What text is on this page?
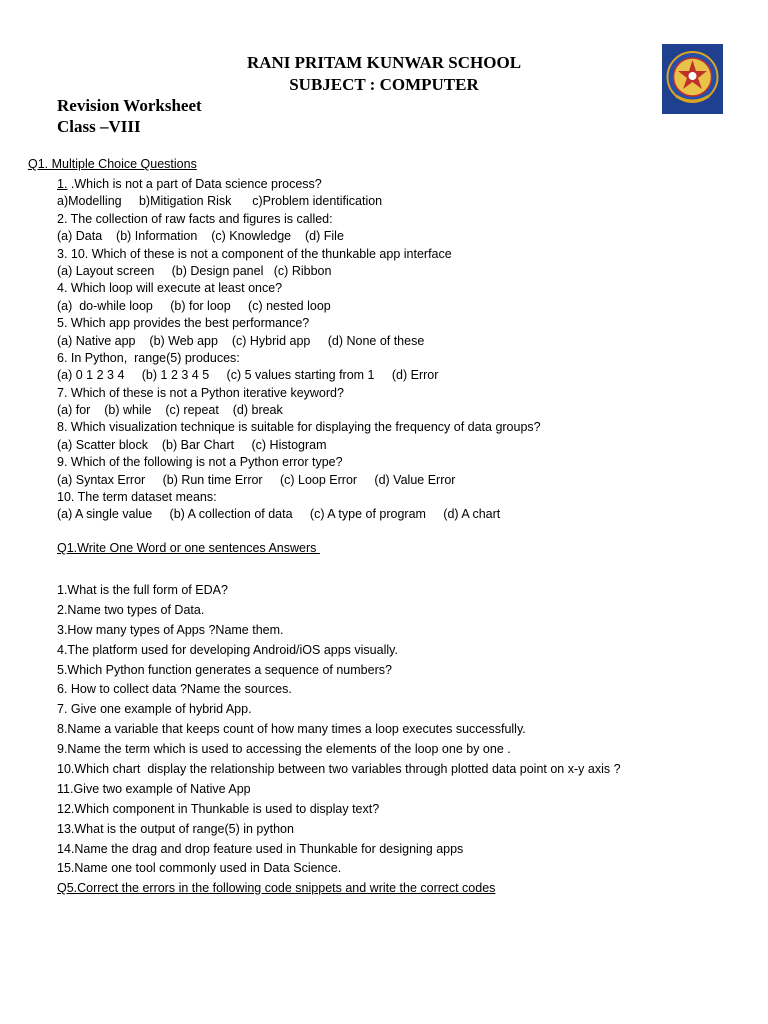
RANI PRITAM KUNWAR SCHOOL
SUBJECT : COMPUTER
Revision Worksheet
Class –VIII
Q1. Multiple Choice Questions
1. .Which is not a part of Data science process?
a)Modelling     b)Mitigation Risk      c)Problem identification
2. The collection of raw facts and figures is called:
(a) Data    (b) Information    (c) Knowledge    (d) File
3. 10. Which of these is not a component of the thunkable app interface
(a) Layout screen     (b) Design panel   (c) Ribbon
4. Which loop will execute at least once?
(a)  do-while loop     (b) for loop     (c) nested loop
5. Which app provides the best performance?
(a) Native app    (b) Web app    (c) Hybrid app     (d) None of these
6. In Python,  range(5) produces:
(a) 0 1 2 3 4     (b) 1 2 3 4 5     (c) 5 values starting from 1     (d) Error
7. Which of these is not a Python iterative keyword?
(a) for    (b) while    (c) repeat    (d) break
8. Which visualization technique is suitable for displaying the frequency of data groups?
(a) Scatter block    (b) Bar Chart     (c) Histogram
9. Which of the following is not a Python error type?
(a) Syntax Error     (b) Run time Error     (c) Loop Error     (d) Value Error
10. The term dataset means:
(a) A single value     (b) A collection of data     (c) A type of program     (d) A chart
Q1.Write One Word or one sentences Answers
1.What is the full form of EDA?
2.Name two types of Data.
3.How many types of Apps ?Name them.
4.The platform used for developing Android/iOS apps visually.
5.Which Python function generates a sequence of numbers?
6. How to collect data ?Name the sources.
7. Give one example of hybrid App.
8.Name a variable that keeps count of how many times a loop executes successfully.
9.Name the term which is used to accessing the elements of the loop one by one .
10.Which chart  display the relationship between two variables through plotted data point on x-y axis ?
11.Give two example of Native App
12.Which component in Thunkable is used to display text?
13.What is the output of range(5) in python
14.Name the drag and drop feature used in Thunkable for designing apps
15.Name one tool commonly used in Data Science.
Q5.Correct the errors in the following code snippets and write the correct codes
